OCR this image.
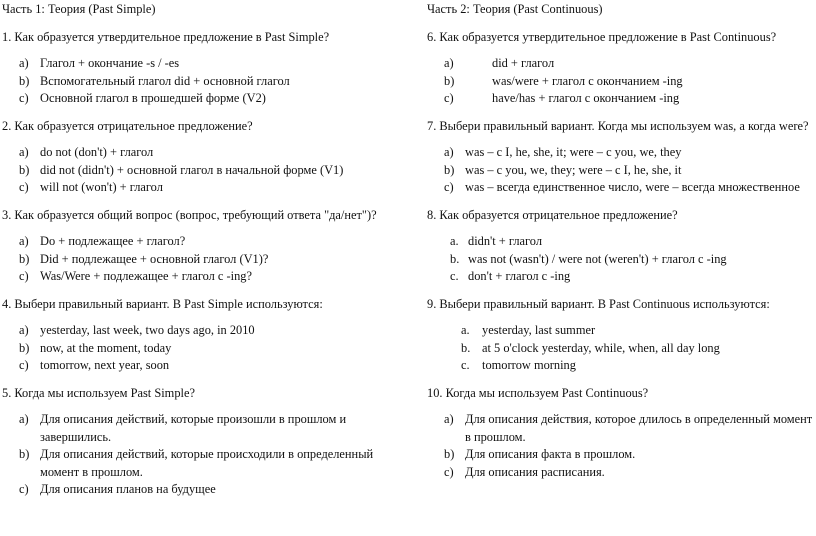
Часть 1: Теория (Past Simple)
1. Как образуется утвердительное предложение в Past Simple?
a) Глагол + окончание -s / -es
b) Вспомогательный глагол did + основной глагол
c) Основной глагол в прошедшей форме (V2)
2. Как образуется отрицательное предложение?
a) do not (don't) + глагол
b) did not (didn't) + основной глагол в начальной форме (V1)
c) will not (won't) + глагол
3. Как образуется общий вопрос (вопрос, требующий ответа "да/нет")?
a) Do + подлежащее + глагол?
b) Did + подлежащее + основной глагол (V1)?
c) Was/Were + подлежащее + глагол с -ing?
4. Выбери правильный вариант. В Past Simple используются:
a) yesterday, last week, two days ago, in 2010
b) now, at the moment, today
c) tomorrow, next year, soon
5. Когда мы используем Past Simple?
a) Для описания действий, которые произошли в прошлом и завершились.
b) Для описания действий, которые происходили в определенный момент в прошлом.
c) Для описания планов на будущее
Часть 2: Теория (Past Continuous)
6. Как образуется утвердительное предложение в Past Continuous?
a)	did + глагол
b)	was/were + глагол с окончанием -ing
c)	have/has + глагол с окончанием -ing
7. Выбери правильный вариант. Когда мы используем was, а когда were?
a) was – с I, he, she, it; were – с you, we, they
b) was – с you, we, they; were – с I, he, she, it
c) was – всегда единственное число, were – всегда множественное
8. Как образуется отрицательное предложение?
a. didn't + глагол
b. was not (wasn't) / were not (weren't) + глагол с -ing
c. don't + глагол с -ing
9. Выбери правильный вариант. В Past Continuous используются:
a. yesterday, last summer
b. at 5 o'clock yesterday, while, when, all day long
c. tomorrow morning
10. Когда мы используем Past Continuous?
a) Для описания действия, которое длилось в определенный момент в прошлом.
b) Для описания факта в прошлом.
c) Для описания расписания.
